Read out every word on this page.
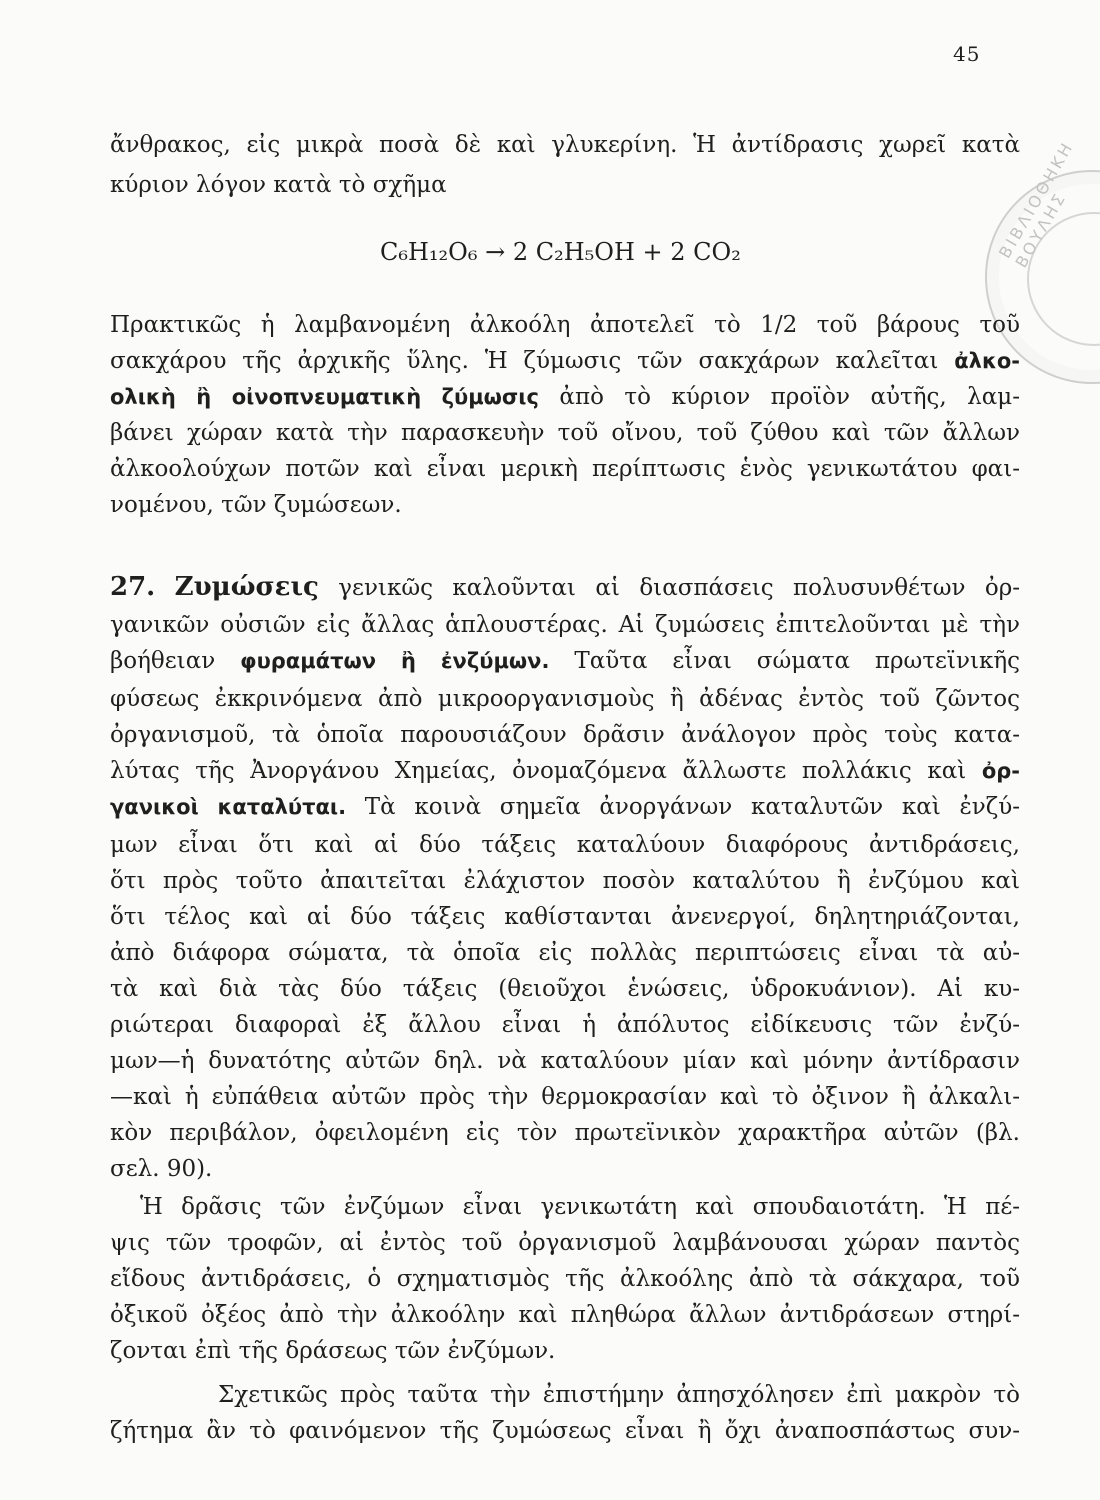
45
ΒΙΒΛΙΟΘΗΚΗ ΒΟΥΛΗΣ
ἄνθρακος, εἰς μικρὰ ποσὰ δὲ καὶ γλυκερίνη. Ἡ ἀντίδρασις χωρεῖ κατὰ
κύριον λόγον κατὰ τὸ σχῆμα
C₆H₁₂O₆ → 2 C₂H₅OH + 2 CO₂
Πρακτικῶς ἡ λαμβανομένη ἀλκοόλη ἀποτελεῖ τὸ 1/2 τοῦ βάρους τοῦ
σακχάρου τῆς ἀρχικῆς ὕλης. Ἡ ζύμωσις τῶν σακχάρων καλεῖται ἀλκο-
ολικὴ ἢ οἰνοπνευματικὴ ζύμωσις ἀπὸ τὸ κύριον προϊὸν αὐτῆς, λαμ-
βάνει χώραν κατὰ τὴν παρασκευὴν τοῦ οἴνου, τοῦ ζύθου καὶ τῶν ἄλλων
ἀλκοολούχων ποτῶν καὶ εἶναι μερικὴ περίπτωσις ἑνὸς γενικωτάτου φαι-
νομένου, τῶν ζυμώσεων.
27. Ζυμώσεις γενικῶς καλοῦνται αἱ διασπάσεις πολυσυνθέτων ὀρ-
γανικῶν οὐσιῶν εἰς ἄλλας ἁπλουστέρας. Αἱ ζυμώσεις ἐπιτελοῦνται μὲ τὴν
βοήθειαν φυραμάτων ἢ ἐνζύμων. Ταῦτα εἶναι σώματα πρωτεϊνικῆς
φύσεως ἐκκρινόμενα ἀπὸ μικροοργανισμοὺς ἢ ἀδένας ἐντὸς τοῦ ζῶντος
ὀργανισμοῦ, τὰ ὁποῖα παρουσιάζουν δρᾶσιν ἀνάλογον πρὸς τοὺς κατα-
λύτας τῆς Ἀνοργάνου Χημείας, ὀνομαζόμενα ἄλλωστε πολλάκις καὶ ὀρ-
γανικοὶ καταλύται. Τὰ κοινὰ σημεῖα ἀνοργάνων καταλυτῶν καὶ ἐνζύ-
μων εἶναι ὅτι καὶ αἱ δύο τάξεις καταλύουν διαφόρους ἀντιδράσεις,
ὅτι πρὸς τοῦτο ἀπαιτεῖται ἐλάχιστον ποσὸν καταλύτου ἢ ἐνζύμου καὶ
ὅτι τέλος καὶ αἱ δύο τάξεις καθίστανται ἀνενεργοί, δηλητηριάζονται,
ἀπὸ διάφορα σώματα, τὰ ὁποῖα εἰς πολλὰς περιπτώσεις εἶναι τὰ αὐ-
τὰ καὶ διὰ τὰς δύο τάξεις (θειοῦχοι ἑνώσεις, ὑδροκυάνιον). Αἱ κυ-
ριώτεραι διαφοραὶ ἐξ ἄλλου εἶναι ἡ ἀπόλυτος εἰδίκευσις τῶν ἐνζύ-
μων—ἡ δυνατότης αὐτῶν δηλ. νὰ καταλύουν μίαν καὶ μόνην ἀντίδρασιν
—καὶ ἡ εὐπάθεια αὐτῶν πρὸς τὴν θερμοκρασίαν καὶ τὸ ὀξινον ἢ ἀλκαλι-
κὸν περιβάλον, ὀφειλομένη εἰς τὸν πρωτεϊνικὸν χαρακτῆρα αὐτῶν (βλ.
σελ. 90).
Ἡ δρᾶσις τῶν ἐνζύμων εἶναι γενικωτάτη καὶ σπουδαιοτάτη. Ἡ πέ-
ψις τῶν τροφῶν, αἱ ἐντὸς τοῦ ὀργανισμοῦ λαμβάνουσαι χώραν παντὸς
εἴδους ἀντιδράσεις, ὁ σχηματισμὸς τῆς ἀλκοόλης ἀπὸ τὰ σάκχαρα, τοῦ
ὀξικοῦ ὀξέος ἀπὸ τὴν ἀλκοόλην καὶ πληθώρα ἄλλων ἀντιδράσεων στηρί-
ζονται ἐπὶ τῆς δράσεως τῶν ἐνζύμων.
Σχετικῶς πρὸς ταῦτα τὴν ἐπιστήμην ἀπησχόλησεν ἐπὶ μακρὸν τὸ
ζήτημα ἂν τὸ φαινόμενον τῆς ζυμώσεως εἶναι ἢ ὄχι ἀναποσπάστως συν-
